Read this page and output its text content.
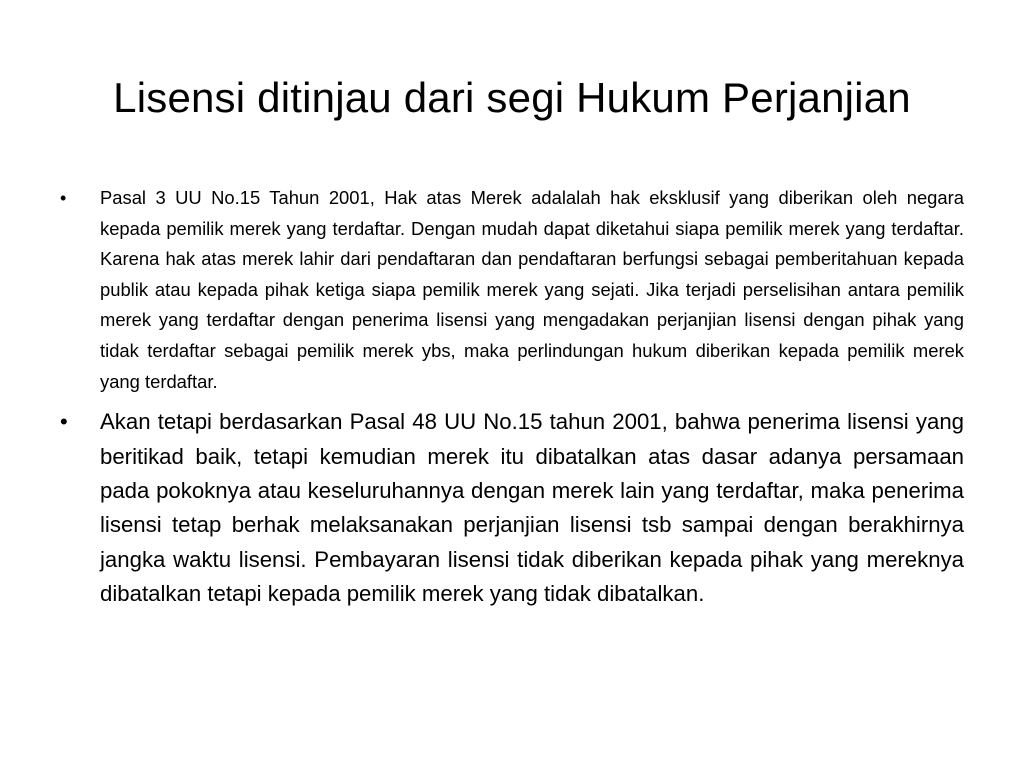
Lisensi ditinjau dari segi Hukum Perjanjian
•	Pasal 3 UU No.15 Tahun 2001, Hak atas Merek adalalah hak eksklusif yang diberikan oleh negara kepada pemilik merek yang terdaftar. Dengan mudah dapat diketahui siapa pemilik merek yang terdaftar. Karena hak atas merek lahir dari pendaftaran dan pendaftaran berfungsi sebagai pemberitahuan kepada publik atau kepada pihak ketiga siapa pemilik merek yang sejati. Jika terjadi perselisihan antara pemilik merek yang terdaftar dengan penerima lisensi yang mengadakan perjanjian lisensi dengan pihak yang tidak terdaftar sebagai pemilik merek ybs, maka perlindungan hukum diberikan kepada pemilik merek yang terdaftar.
•	Akan tetapi berdasarkan Pasal 48 UU No.15 tahun 2001, bahwa penerima lisensi yang beritikad baik, tetapi kemudian merek itu dibatalkan atas dasar adanya persamaan pada pokoknya atau keseluruhannya dengan merek lain yang terdaftar, maka penerima lisensi tetap berhak melaksanakan perjanjian lisensi tsb sampai dengan berakhirnya jangka waktu lisensi. Pembayaran lisensi tidak diberikan kepada pihak yang mereknya dibatalkan tetapi kepada pemilik merek yang tidak dibatalkan.
